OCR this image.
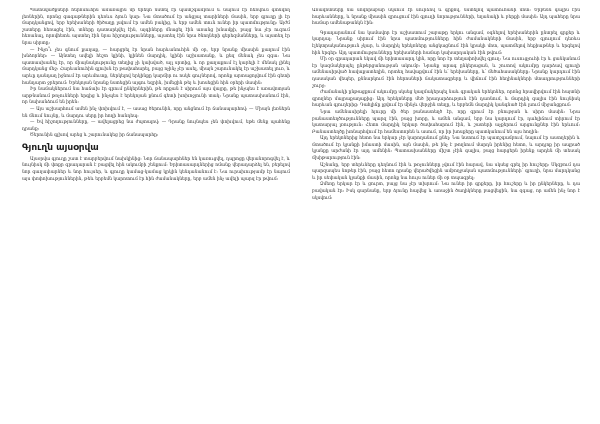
Պատմվածքների հերոսուհին ամառային մի երեկո նստել էր պատշգամբում և նայում էր հեռվում գտնվող լեռներին, որոնց գագաթներին դեռևս ձյուն կար։ Նա մտածում էր անցյալ տարիների մասին, երբ գյուղը լի էր մարդկանցով, երբ երեխաների ծիծաղը լսվում էր ամեն բակից, և երբ ամեն տուն ուներ իր պատմությունը։ Այժմ շատերը հեռացել էին, տները դատարկվել էին, այգիները մնացել էին առանց խնամքի, բայց նա չէր ուզում հեռանալ, որովհետև այստեղ էին նրա հիշողությունները, այստեղ էին նրա ծնողների գերեզմանները, և այստեղ էր նրա սիրտը։

— Ինչո՞ւ չես գնում քաղաք, — հարցրել էր նրան հարևանուհին մի օր, երբ նրանք միասին քաղում էին խնձորներ։ — Այնտեղ ավելի հեշտ կլինի, կլինեն մարդիկ, կլինի աշխատանք, և քեզ մենակ չես զգա։ Նա պատասխանել էր, որ միայնակությունը տեղից չի կախված, այլ սրտից, և որ քաղաքում էլ կարելի է մենակ լինել մարդկանց մեջ։ Հարևանուհին գլուխն էր թափահարել, բայց ոչինչ չէր ասել, միայն շարունակել էր աշխատել լուռ, և արևը դանդաղ իջնում էր արևմուտք, ներկելով երկինքը կարմիր ու ոսկե գույներով, որոնք արտացոլվում էին գետի հանդարտ ջրերում։ Երեկոյան նրանք նստեցին այգու եզրին, խմեցին թեյ և խոսեցին հին օրերի մասին։

Իր նամակներում նա հաճախ էր գրում ընկերներին, թե որքան է սիրում այս վայրը, թե ինչպես է առավոտյան արթնանում թռչունների երգից և ինչպես է երեկոյան քնում գետի խոխոջյունի տակ։ Նրանք պատասխանում էին, որ նախանձում են իրեն։

— Այս աշխարհում ամեն ինչ փոխվում է, — ասաց ծերունին, որը անցնում էր ճանապարհով։ — Միայն լեռներն են մնում նույնը, և մարդու սերը իր հողի հանդեպ։

— Եվ հիշողությունները, — ավելացրեց նա ժպտալով։ — Դրանք նույնպես չեն փոխվում, եթե մենք պահենք դրանք։

Ծերունին գլխով արեց և շարունակեց իր ճանապարհը։

Գյուղն այսօրվա

Այսօրվա գյուղը շատ է տարբերվում նախկինից։ Նոր ճանապարհներ են կառուցվել, դպրոցը վերանորոգվել է, և նույնիսկ մի փոքր գրադարան է բացվել հին ակումբի շենքում։ Երիտասարդներից ոմանք վերադարձել են, բերելով նոր գաղափարներ և նոր հույսեր, և գյուղը կամաց֊կամաց կրկին կենդանանում է։ Նա ուրախությամբ էր նայում այս փոփոխություններին, թեև երբեմն կարոտում էր հին ժամանակները, երբ ամեն ինչ ավելի պարզ էր թվում։

Առավոտները նա սովորաբար սկսում էր սուրճով և գրքով, նստելով պատուհանի մոտ։ Երբեմն գալիս էին հարևանները, և նրանք միասին զրուցում էին գյուղի նորությունների, եղանակի և բերքի մասին։ Այդ պահերը նրա համար ամենաթանկն էին։

Գրադարանում նա կամավոր էր աշխատում շաբաթը երկու անգամ, օգնելով երեխաներին ընտրել գրքեր և կարդալ։ Նրանք սիրում էին նրա պատմությունները հին ժամանակների մասին, երբ գյուղում դեռևս էլեկտրականություն չկար, և մարդիկ երեկոները անցկացնում էին կրակի մոտ, պատմելով հեքիաթներ և երգելով հին երգեր։ Այդ պատմությունները երեխաների համար կախարդական էին թվում։

Մի օր գրադարան եկավ մի երիտասարդ կին, որը նոր էր տեղափոխվել գյուղ։ Նա ուսուցչուհի էր և ցանկանում էր կազմակերպել ընթերցանության ակումբ։ Նրանք արագ ընկերացան, և շուտով ակումբը դարձավ գյուղի ամենասիրված հավաքատեղին, որտեղ հավաքվում էին և՛ երեխաները, և՛ մեծահասակները։ Նրանք կարդում էին դասական վեպեր, քննարկում էին հերոսների ճակատագրերը և վիճում էին հեղինակների մտադրությունների շուրջ։

Ժամանակի ընթացքում ակումբը սկսեց կազմակերպել նաև գրական երեկոներ, որոնց հրավիրվում էին հայտնի գրողներ մայրաքաղաքից։ Այդ երեկոները մեծ իրադարձություն էին դառնում, և մարդիկ գալիս էին նույնիսկ հարևան գյուղերից։ Դահլիճը լցվում էր մինչև վերջին տեղը, և երբեմն մարդիկ կանգնած էին լսում միջանցքում։

Նրա ամենասիրելի հյուրը մի ծեր բանաստեղծ էր, որը գրում էր բնության և սիրո մասին։ Նրա բանաստեղծությունները պարզ էին, բայց խորը, և ամեն անգամ, երբ նա կարդում էր, դահլիճում տիրում էր կատարյալ լռություն։ Հետո մարդիկ երկար ծափահարում էին, և շատերի աչքերում արցունքներ էին երևում։ Բանաստեղծը խոնարհվում էր համեստորեն և ասում, որ իր խոսքերը պատկանում են այս հողին։

Այդ երեկոներից հետո նա երկար չէր կարողանում քնել։ Նա նստում էր պատշգամբում, նայում էր աստղերին և մտածում էր կյանքի իմաստի մասին, այն մասին, թե ինչ է թողնում մարդն իրենից հետո, և արդյոք իր ապրած կյանքը արժանի էր այդ ամենին։ Պատասխանները միշտ չէին գալիս, բայց հարցերն իրենք արդեն մի տեսակ մխիթարություն էին։

Աշնանը, երբ տերևները դեղնում էին և թռչունները չվում էին հարավ, նա սկսեց գրել իր հուշերը։ Սկզբում դա պարզապես նոթեր էին, բայց հետո դրանք վերածվեցին ամբողջական պատմությունների՝ գյուղի, նրա մարդկանց և իր սեփական կյանքի մասին, որոնք նա հույս ուներ մի օր տպագրել։

Ձմեռը երկար էր և ցուրտ, բայց նա չէր տխրում։ Նա ուներ իր գրքերը, իր հուշերը և իր ընկերները, և դա բավական էր։ Իսկ գարնանը, երբ ձյունը հալվեց և առաջին ծաղիկները բացվեցին, նա զգաց, որ ամեն ինչ նոր է սկսվում։
